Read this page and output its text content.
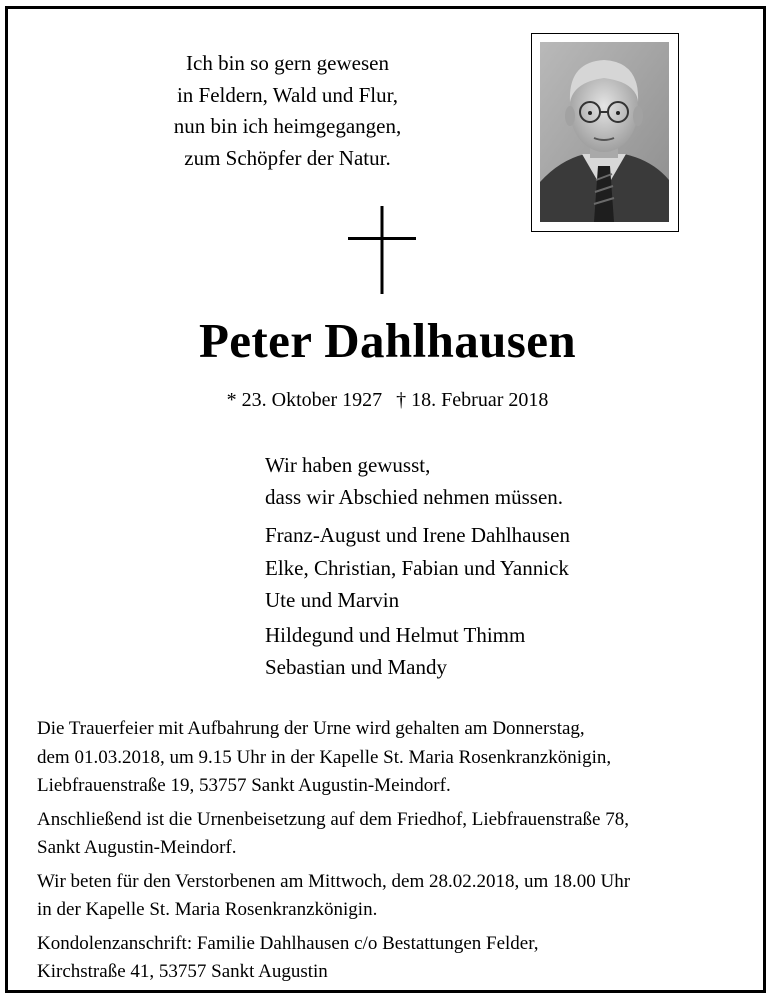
Ich bin so gern gewesen
in Feldern, Wald und Flur,
nun bin ich heimgegangen,
zum Schöpfer der Natur.
Peter Dahlhausen
* 23. Oktober 1927 † 18. Februar 2018
Wir haben gewusst,
dass wir Abschied nehmen müssen.
Franz-August und Irene Dahlhausen
Elke, Christian, Fabian und Yannick
Ute und Marvin
Hildegund und Helmut Thimm
Sebastian und Mandy

Die Trauerfeier mit Aufbahrung der Urne wird gehalten am Donnerstag,
dem 01.03.2018, um 9.15 Uhr in der Kapelle St. Maria Rosenkranzkönigin,
Liebfrauenstraße 19, 53757 Sankt Augustin-Meindorf.

Anschließend ist die Urnenbeisetzung auf dem Friedhof, Liebfrauenstraße 78,
Sankt Augustin-Meindorf.

Wir beten für den Verstorbenen am Mittwoch, dem 28.02.2018, um 18.00 Uhr
in der Kapelle St. Maria Rosenkranzkönigin.

Kondolenzanschrift: Familie Dahlhausen c/o Bestattungen Felder,
Kirchstraße 41, 53757 Sankt Augustin
